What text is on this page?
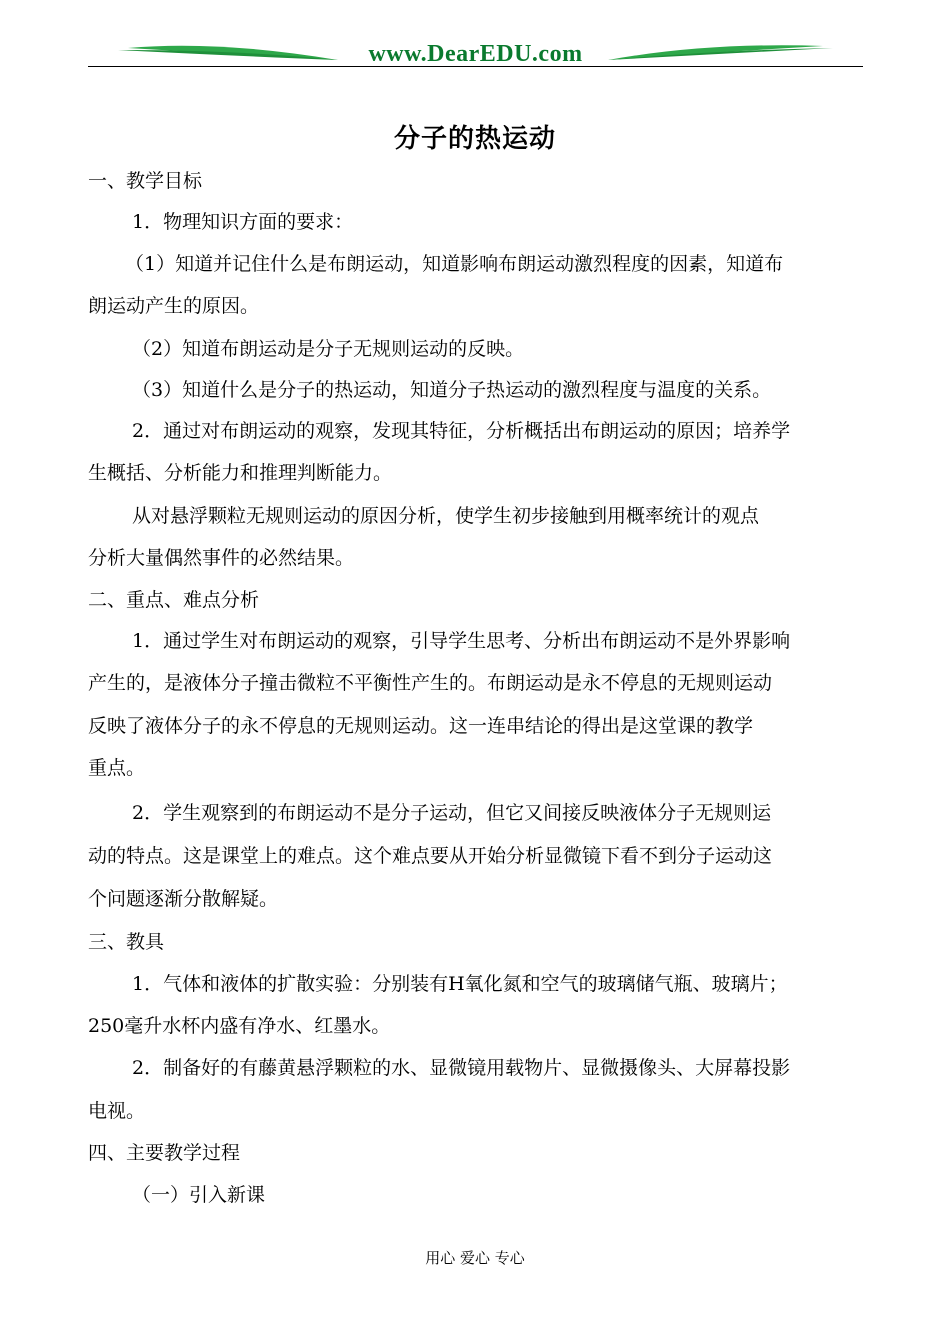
www.DearEDU.com
分子的热运动
一、教学目标
1．物理知识方面的要求：
（1）知道并记住什么是布朗运动，知道影响布朗运动激烈程度的因素，知道布
朗运动产生的原因。
（2）知道布朗运动是分子无规则运动的反映。
（3）知道什么是分子的热运动，知道分子热运动的激烈程度与温度的关系。
2．通过对布朗运动的观察，发现其特征，分析概括出布朗运动的原因；培养学
生概括、分析能力和推理判断能力。
从对悬浮颗粒无规则运动的原因分析，使学生初步接触到用概率统计的观点
分析大量偶然事件的必然结果。
二、重点、难点分析
1．通过学生对布朗运动的观察，引导学生思考、分析出布朗运动不是外界影响
产生的，是液体分子撞击微粒不平衡性产生的。布朗运动是永不停息的无规则运动
反映了液体分子的永不停息的无规则运动。这一连串结论的得出是这堂课的教学
重点。
2．学生观察到的布朗运动不是分子运动，但它又间接反映液体分子无规则运
动的特点。这是课堂上的难点。这个难点要从开始分析显微镜下看不到分子运动这
个问题逐渐分散解疑。
三、教具
1．气体和液体的扩散实验：分别装有H氧化氮和空气的玻璃储气瓶、玻璃片；
250毫升水杯内盛有净水、红墨水。
2．制备好的有藤黄悬浮颗粒的水、显微镜用载物片、显微摄像头、大屏幕投影
电视。
四、主要教学过程
（一）引入新课
用心 爱心 专心
